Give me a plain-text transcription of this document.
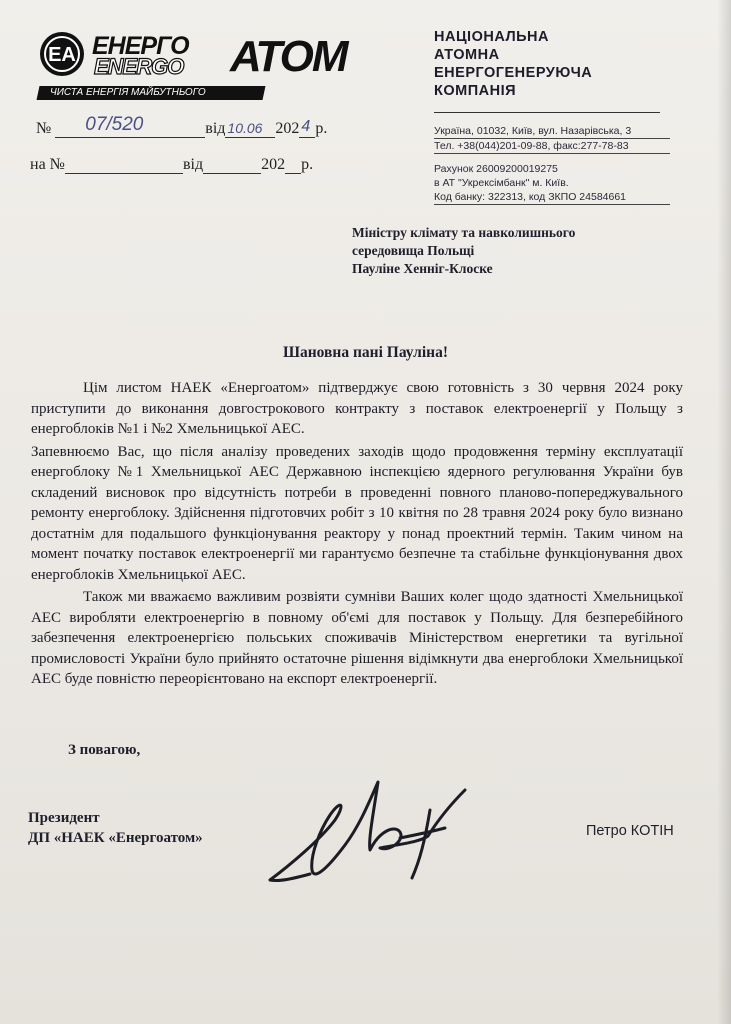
EA ЕНЕРГО
ENERGO АТОМ
ЧИСТА ЕНЕРГІЯ МАЙБУТНЬОГО
НАЦІОНАЛЬНА
АТОМНА
ЕНЕРГОГЕНЕРУЮЧА
КОМПАНІЯ
Україна, 01032, Київ, вул. Назарівська, 3
Тел. +38(044)201-09-88, факс:277-78-83
Рахунок 26009200019275
в АТ "Укрексімбанк" м. Київ.
Код банку: 322313, код ЗКПО 24584661
№ 07/520	від 10.06 202 4 р.
на №	від	202 р.
Міністру клімату та навколишнього
середовища Польщі
Пауліне Хенніг-Клоске
Шановна пані Пауліна!

Цім листом НАЕК «Енергоатом» підтверджує свою готовність з 30 червня 2024 року приступити до виконання довгострокового контракту з поставок електроенергії у Польщу з енергоблоків №1 і №2 Хмельницької АЕС.

Запевнюємо Вас, що після аналізу проведених заходів щодо продовження терміну експлуатації енергоблоку №1 Хмельницької АЕС Державною інспекцією ядерного регулювання України був складений висновок про відсутність потреби в проведенні повного планово-попереджувального ремонту енергоблоку. Здійснення підготовчих робіт з 10 квітня по 28 травня 2024 року було визнано достатнім для подальшого функціонування реактору у понад проектний термін. Таким чином на момент початку поставок електроенергії ми гарантуємо безпечне та стабільне функціонування двох енергоблоків Хмельницької АЕС.

Також ми вважаємо важливим розвіяти сумніви Ваших колег щодо здатності Хмельницької АЕС виробляти електроенергію в повному об'ємі для поставок у Польщу. Для безперебійного забезпечення електроенергією польських споживачів Міністерством енергетики та вугільної промисловості України було прийнято остаточне рішення відімкнути два енергоблоки Хмельницької АЕС буде повністю переорієнтовано на експорт електроенергії.

З повагою,
Президент
ДП «НАЕК «Енергоатом»	Петро КОТІН
